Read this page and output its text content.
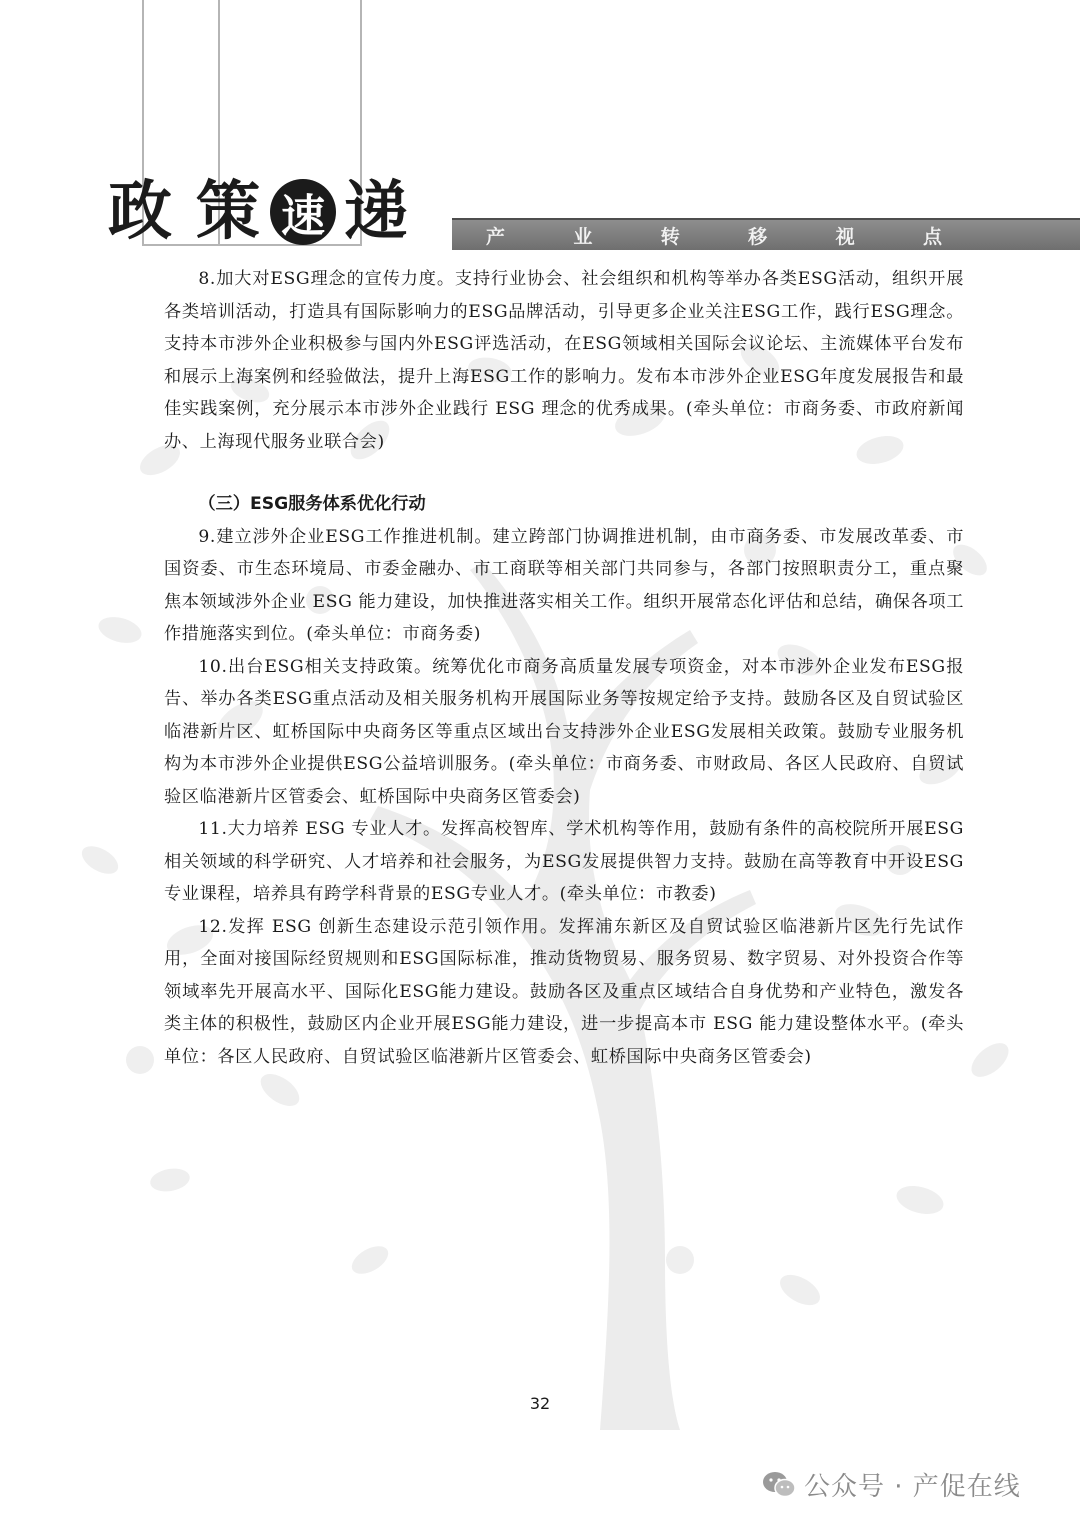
政 策 速 递	产	业	转	移	视	点

8.加大对ESG理念的宣传力度。支持行业协会、社会组织和机构等举办各类ESG活动，组织开展各类培训活动，打造具有国际影响力的ESG品牌活动，引导更多企业关注ESG工作，践行ESG理念。支持本市涉外企业积极参与国内外ESG评选活动，在ESG领域相关国际会议论坛、主流媒体平台发布和展示上海案例和经验做法，提升上海ESG工作的影响力。发布本市涉外企业ESG年度发展报告和最佳实践案例，充分展示本市涉外企业践行 ESG 理念的优秀成果。(牵头单位：市商务委、市政府新闻办、上海现代服务业联合会)

（三）ESG服务体系优化行动

9.建立涉外企业ESG工作推进机制。建立跨部门协调推进机制，由市商务委、市发展改革委、市国资委、市生态环境局、市委金融办、市工商联等相关部门共同参与，各部门按照职责分工，重点聚焦本领域涉外企业 ESG 能力建设，加快推进落实相关工作。组织开展常态化评估和总结，确保各项工作措施落实到位。(牵头单位：市商务委)

10.出台ESG相关支持政策。统筹优化市商务高质量发展专项资金，对本市涉外企业发布ESG报告、举办各类ESG重点活动及相关服务机构开展国际业务等按规定给予支持。鼓励各区及自贸试验区临港新片区、虹桥国际中央商务区等重点区域出台支持涉外企业ESG发展相关政策。鼓励专业服务机构为本市涉外企业提供ESG公益培训服务。(牵头单位：市商务委、市财政局、各区人民政府、自贸试验区临港新片区管委会、虹桥国际中央商务区管委会)

11.大力培养 ESG 专业人才。发挥高校智库、学术机构等作用，鼓励有条件的高校院所开展ESG相关领域的科学研究、人才培养和社会服务，为ESG发展提供智力支持。鼓励在高等教育中开设ESG专业课程，培养具有跨学科背景的ESG专业人才。(牵头单位：市教委)

12.发挥 ESG 创新生态建设示范引领作用。发挥浦东新区及自贸试验区临港新片区先行先试作用，全面对接国际经贸规则和ESG国际标准，推动货物贸易、服务贸易、数字贸易、对外投资合作等领域率先开展高水平、国际化ESG能力建设。鼓励各区及重点区域结合自身优势和产业特色，激发各类主体的积极性，鼓励区内企业开展ESG能力建设，进一步提高本市 ESG 能力建设整体水平。(牵头单位：各区人民政府、自贸试验区临港新片区管委会、虹桥国际中央商务区管委会)

32
公众号 · 产促在线
